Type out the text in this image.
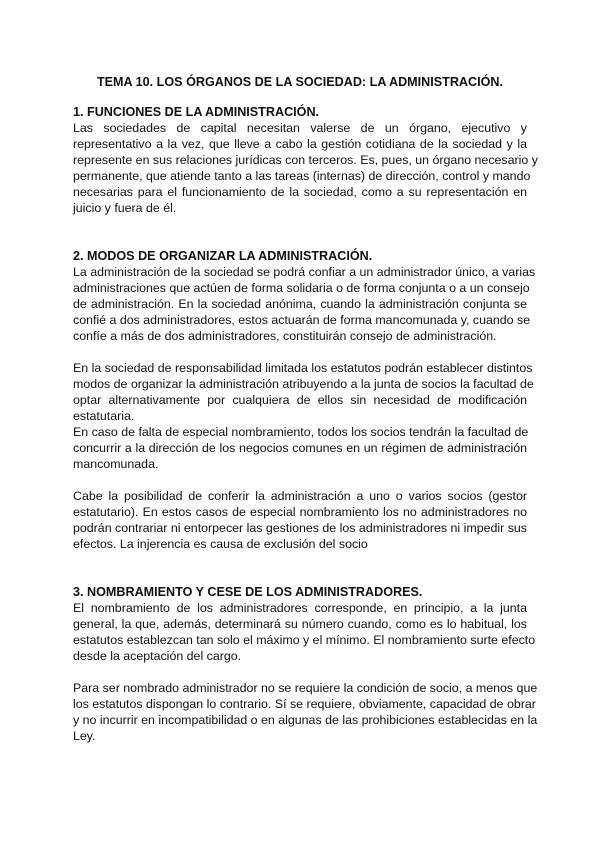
TEMA 10. LOS ÓRGANOS DE LA SOCIEDAD: LA ADMINISTRACIÓN.
1. FUNCIONES DE LA ADMINISTRACIÓN.
Las sociedades de capital necesitan valerse de un órgano, ejecutivo y
representativo a la vez, que lleve a cabo la gestión cotidiana de la sociedad y la
represente en sus relaciones jurídicas con terceros. Es, pues, un órgano necesario y
permanente, que atiende tanto a las tareas (internas) de dirección, control y mando
necesarias para el funcionamiento de la sociedad, como a su representación en
juicio y fuera de él.
2. MODOS DE ORGANIZAR LA ADMINISTRACIÓN.
La administración de la sociedad se podrá confiar a un administrador único, a varias
administraciones que actúen de forma solidaria o de forma conjunta o a un consejo
de administración. En la sociedad anónima, cuando la administración conjunta se
confié a dos administradores, estos actuarán de forma mancomunada y, cuando se
confíe a más de dos administradores, constituirán consejo de administración.
En la sociedad de responsabilidad limitada los estatutos podrán establecer distintos
modos de organizar la administración atribuyendo a la junta de socios la facultad de
optar alternativamente por cualquiera de ellos sin necesidad de modificación
estatutaria.
En caso de falta de especial nombramiento, todos los socios tendrán la facultad de
concurrir a la dirección de los negocios comunes en un régimen de administración
mancomunada.
Cabe la posibilidad de conferir la administración a uno o varios socios (gestor
estatutario). En estos casos de especial nombramiento los no administradores no
podrán contrariar ni entorpecer las gestiones de los administradores ni impedir sus
efectos. La injerencia es causa de exclusión del socio
3. NOMBRAMIENTO Y CESE DE LOS ADMINISTRADORES.
El nombramiento de los administradores corresponde, en principio, a la junta
general, la que, además, determinará su número cuando, como es lo habitual, los
estatutos establezcan tan solo el máximo y el mínimo. El nombramiento surte efecto
desde la aceptación del cargo.
Para ser nombrado administrador no se requiere la condición de socio, a menos que
los estatutos dispongan lo contrario. Sí se requiere, obviamente, capacidad de obrar
y no incurrir en incompatibilidad o en algunas de las prohibiciones establecidas en la
Ley.
